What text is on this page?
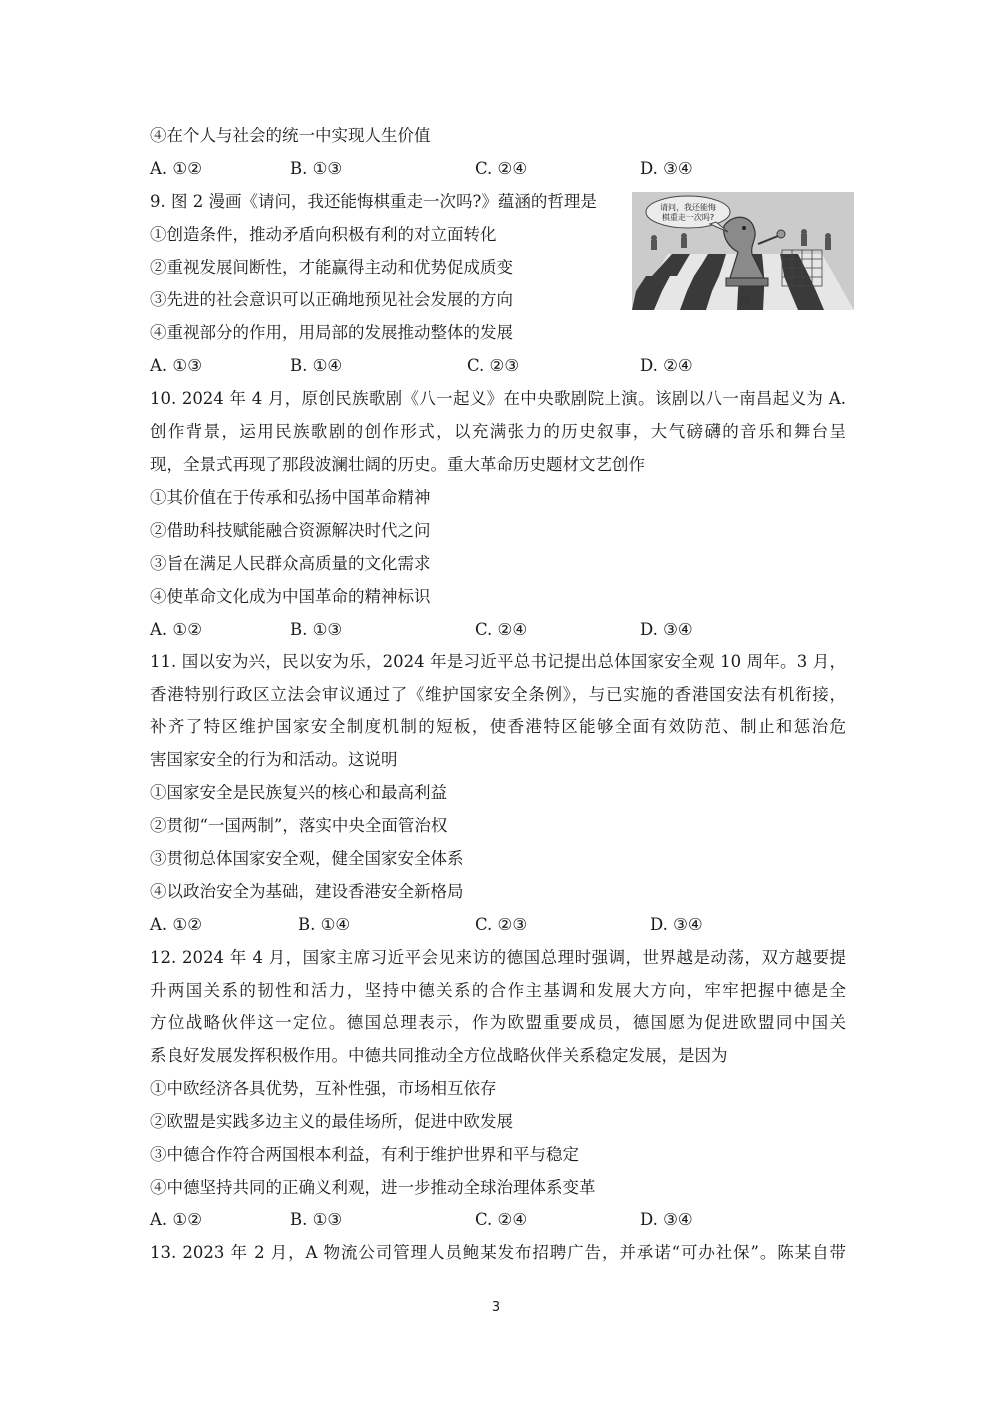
④在个人与社会的统一中实现人生价值
A. ①②	B. ①③	C. ②④	D. ③④
9. 图 2 漫画《请问，我还能悔棋重走一次吗?》蕴涵的哲理是
①创造条件，推动矛盾向积极有利的对立面转化
②重视发展间断性，才能赢得主动和优势促成质变
③先进的社会意识可以正确地预见社会发展的方向
④重视部分的作用，用局部的发展推动整体的发展
A. ①③	B. ①④	C. ②③	D. ②④
请问，我还能悔
棋重走一次吗?
图2
10. 2024 年 4 月，原创民族歌剧《八一起义》在中央歌剧院上演。该剧以八一南昌起义为 A.
创作背景，运用民族歌剧的创作形式，以充满张力的历史叙事，大气磅礴的音乐和舞台呈
现，全景式再现了那段波澜壮阔的历史。重大革命历史题材文艺创作
①其价值在于传承和弘扬中国革命精神
②借助科技赋能融合资源解决时代之问
③旨在满足人民群众高质量的文化需求
④使革命文化成为中国革命的精神标识
A. ①②	B. ①③	C. ②④	D. ③④
11. 国以安为兴，民以安为乐，2024 年是习近平总书记提出总体国家安全观 10 周年。3 月，
香港特别行政区立法会审议通过了《维护国家安全条例》，与已实施的香港国安法有机衔接，
补齐了特区维护国家安全制度机制的短板，使香港特区能够全面有效防范、制止和惩治危
害国家安全的行为和活动。这说明
①国家安全是民族复兴的核心和最高利益
②贯彻“一国两制”，落实中央全面管治权
③贯彻总体国家安全观，健全国家安全体系
④以政治安全为基础，建设香港安全新格局
A. ①②	B. ①④	C. ②③	D. ③④
12. 2024 年 4 月，国家主席习近平会见来访的德国总理时强调，世界越是动荡，双方越要提
升两国关系的韧性和活力，坚持中德关系的合作主基调和发展大方向，牢牢把握中德是全
方位战略伙伴这一定位。德国总理表示，作为欧盟重要成员，德国愿为促进欧盟同中国关
系良好发展发挥积极作用。中德共同推动全方位战略伙伴关系稳定发展，是因为
①中欧经济各具优势，互补性强，市场相互依存
②欧盟是实践多边主义的最佳场所，促进中欧发展
③中德合作符合两国根本利益，有利于维护世界和平与稳定
④中德坚持共同的正确义利观，进一步推动全球治理体系变革
A. ①②	B. ①③	C. ②④	D. ③④
13. 2023 年 2 月，A 物流公司管理人员鲍某发布招聘广告，并承诺“可办社保”。陈某自带
3
